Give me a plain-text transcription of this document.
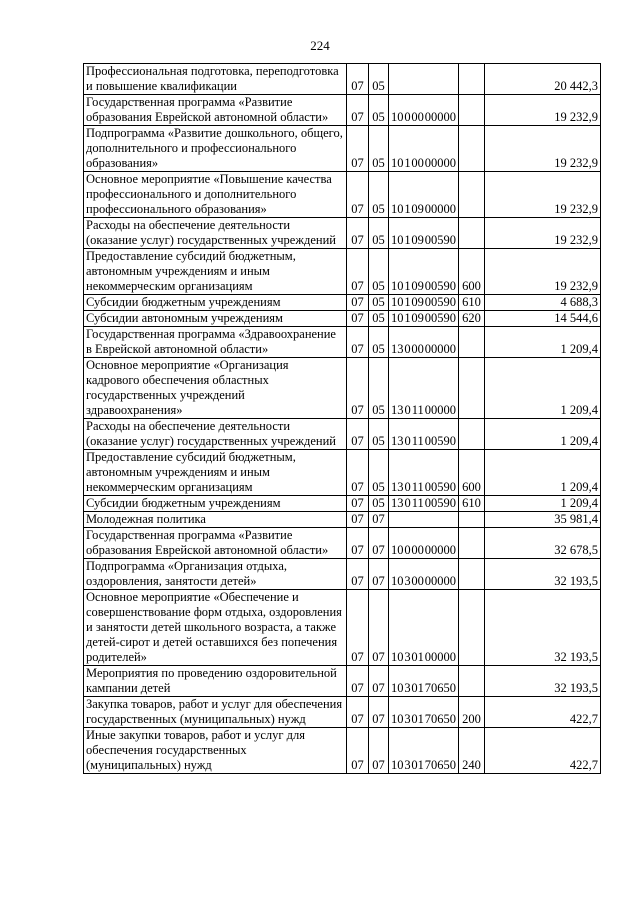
224
Профессиональная подготовка, переподготовка и повышение квалификации	07	05			20 442,3
Государственная программа «Развитие образования Еврейской автономной области»	07	05	10 0 00 00000		19 232,9
Подпрограмма «Развитие дошкольного, общего, дополнительного и профессионального образования»	07	05	10 1 00 00000		19 232,9
Основное мероприятие «Повышение качества профессионального и дополнительного профессионального образования»	07	05	10 1 09 00000		19 232,9
Расходы на обеспечение деятельности (оказание услуг) государственных учреждений	07	05	10 1 09 00590		19 232,9
Предоставление субсидий бюджетным, автономным учреждениям и иным некоммерческим организациям	07	05	10 1 09 00590	600	19 232,9
Субсидии бюджетным учреждениям	07	05	10 1 09 00590	610	4 688,3
Субсидии автономным учреждениям	07	05	10 1 09 00590	620	14 544,6
Государственная программа «Здравоохранение в Еврейской автономной области»	07	05	13 0 00 00000		1 209,4
Основное мероприятие «Организация кадрового обеспечения областных государственных учреждений здравоохранения»	07	05	13 0 11 00000		1 209,4
Расходы на обеспечение деятельности (оказание услуг) государственных учреждений	07	05	13 0 11 00590		1 209,4
Предоставление субсидий бюджетным, автономным учреждениям и иным некоммерческим организациям	07	05	13 0 11 00590	600	1 209,4
Субсидии бюджетным учреждениям	07	05	13 0 11 00590	610	1 209,4
Молодежная политика	07	07			35 981,4
Государственная программа «Развитие образования Еврейской автономной области»	07	07	10 0 00 00000		32 678,5
Подпрограмма «Организация отдыха, оздоровления, занятости детей»	07	07	10 3 00 00000		32 193,5
Основное мероприятие «Обеспечение и совершенствование форм отдыха, оздоровления и занятости детей школьного возраста, а также детей-сирот и детей оставшихся без попечения родителей»	07	07	10 3 01 00000		32 193,5
Мероприятия по проведению оздоровительной кампании детей	07	07	10 3 01 70650		32 193,5
Закупка товаров, работ и услуг для обеспечения государственных (муниципальных) нужд	07	07	10 3 01 70650	200	422,7
Иные закупки товаров, работ и услуг для обеспечения государственных (муниципальных) нужд	07	07	10 3 01 70650	240	422,7
